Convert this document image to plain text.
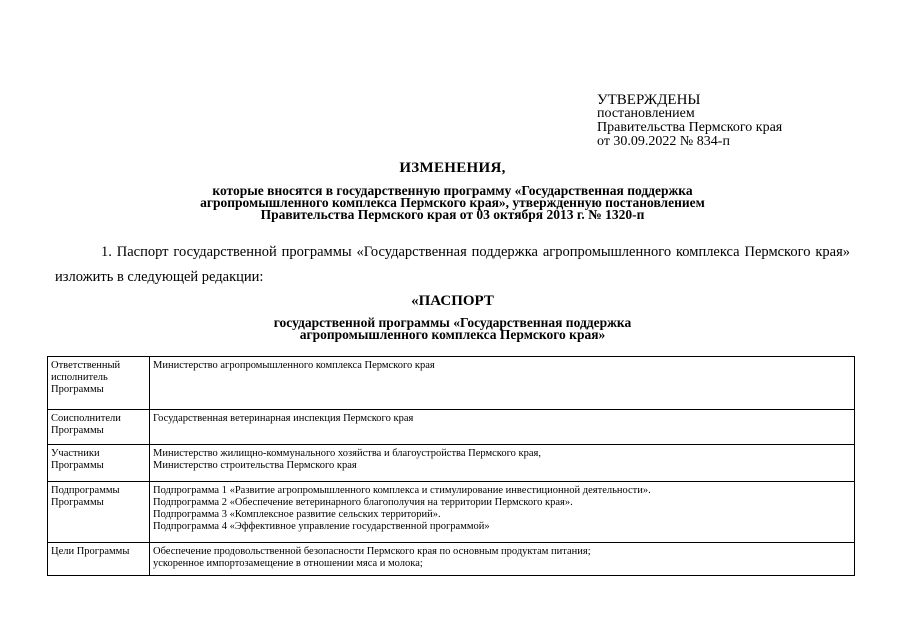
УТВЕРЖДЕНЫ
постановлением
Правительства Пермского края
от 30.09.2022 № 834-п
ИЗМЕНЕНИЯ,
которые вносятся в государственную программу «Государственная поддержка
агропромышленного комплекса Пермского края», утвержденную постановлением
Правительства Пермского края от 03 октября 2013 г. № 1320-п
1. Паспорт государственной программы «Государственная поддержка агропромышленного комплекса Пермского края» изложить в следующей редакции:
«ПАСПОРТ
государственной программы «Государственная поддержка
агропромышленного комплекса Пермского края»
Ответственный
исполнитель
Программы	Министерство агропромышленного комплекса Пермского края

Соисполнители
Программы	Государственная ветеринарная инспекция Пермского края

Участники
Программы	Министерство жилищно-коммунального хозяйства и благоустройства Пермского края,
Министерство строительства Пермского края

Подпрограммы
Программы	Подпрограмма 1 «Развитие агропромышленного комплекса и стимулирование инвестиционной деятельности».
Подпрограмма 2 «Обеспечение ветеринарного благополучия на территории Пермского края».
Подпрограмма 3 «Комплексное развитие сельских территорий».
Подпрограмма 4 «Эффективное управление государственной программой»

Цели Программы	Обеспечение продовольственной безопасности Пермского края по основным продуктам питания;
ускоренное импортозамещение в отношении мяса и молока;
